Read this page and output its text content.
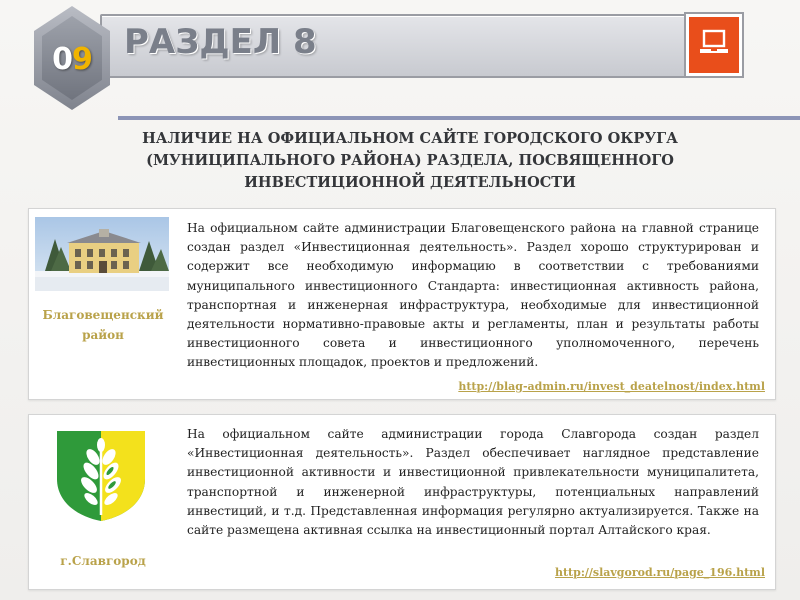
РАЗДЕЛ 8
09
НАЛИЧИЕ НА ОФИЦИАЛЬНОМ САЙТЕ ГОРОДСКОГО ОКРУГА (МУНИЦИПАЛЬНОГО РАЙОНА) РАЗДЕЛА, ПОСВЯЩЕННОГО ИНВЕСТИЦИОННОЙ ДЕЯТЕЛЬНОСТИ
Благовещенский район
На официальном сайте администрации Благовещенского района на главной странице создан раздел «Инвестиционная деятельность». Раздел хорошо структурирован и содержит все необходимую информацию в соответствии с требованиями муниципального инвестиционного Стандарта: инвестиционная активность района, транспортная и инженерная инфраструктура, необходимые для инвестиционной деятельности нормативно-правовые акты и регламенты, план и результаты работы инвестиционного совета и инвестиционного уполномоченного, перечень инвестиционных площадок, проектов и предложений.
http://blag-admin.ru/invest_deatelnost/index.html
г.Славгород
На официальном сайте администрации города Славгорода создан раздел «Инвестиционная деятельность». Раздел обеспечивает наглядное представление инвестиционной активности и инвестиционной привлекательности муниципалитета, транспортной и инженерной инфраструктуры, потенциальных направлений инвестиций, и т.д. Представленная информация регулярно актуализируется. Также на сайте размещена активная ссылка на инвестиционный портал Алтайского края.
http://slavgorod.ru/page_196.html
